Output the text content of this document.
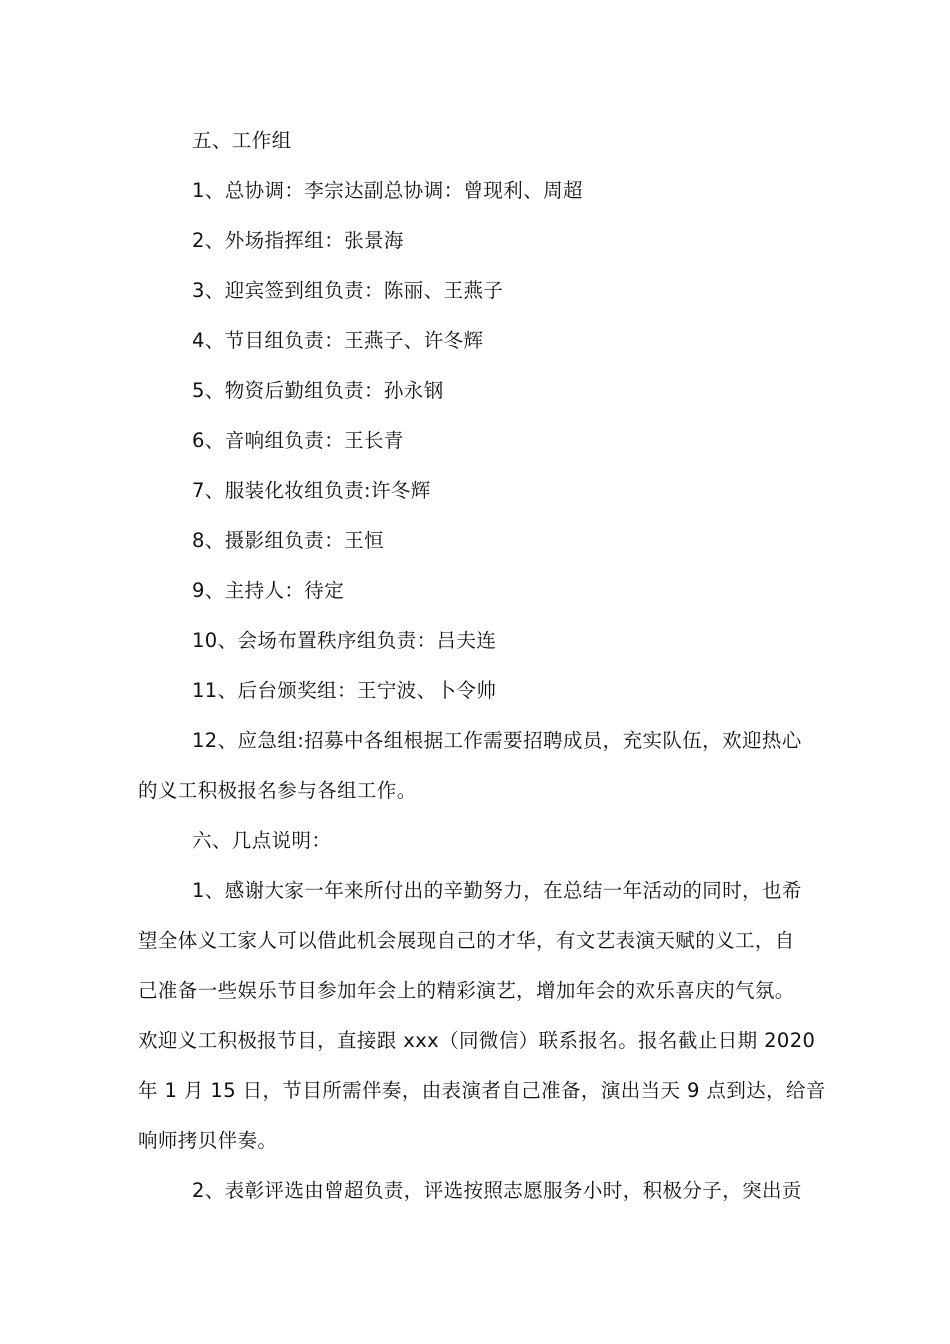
五、工作组
1、总协调：李宗达副总协调：曾现利、周超
2、外场指挥组：张景海
3、迎宾签到组负责：陈丽、王燕子
4、节目组负责：王燕子、许冬辉
5、物资后勤组负责：孙永钢
6、音响组负责：王长青
7、服装化妆组负责:许冬辉
8、摄影组负责：王恒
9、主持人：待定
10、会场布置秩序组负责：吕夫连
11、后台颁奖组：王宁波、卜令帅
12、应急组:招募中各组根据工作需要招聘成员，充实队伍，欢迎热心
的义工积极报名参与各组工作。
六、几点说明：
1、感谢大家一年来所付出的辛勤努力，在总结一年活动的同时，也希
望全体义工家人可以借此机会展现自己的才华，有文艺表演天赋的义工，自
己准备一些娱乐节目参加年会上的精彩演艺，增加年会的欢乐喜庆的气氛。
欢迎义工积极报节目，直接跟 xxx（同微信）联系报名。报名截止日期 2020
年 1 月 15 日，节目所需伴奏，由表演者自己准备，演出当天 9 点到达，给音
响师拷贝伴奏。
2、表彰评选由曾超负责，评选按照志愿服务小时，积极分子，突出贡
